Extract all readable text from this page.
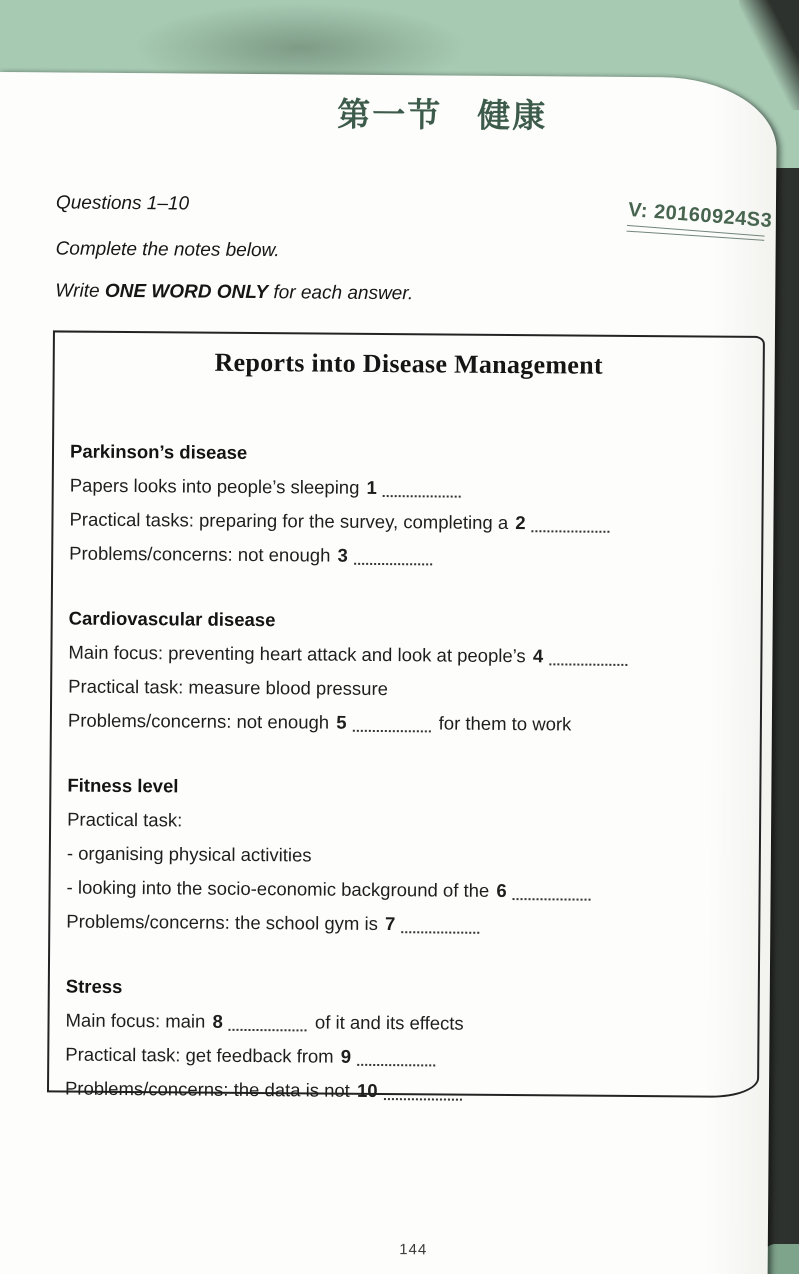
第一节　健康
Questions 1–10	V: 20160924S3
Complete the notes below.
Write ONE WORD ONLY for each answer.
Reports into Disease Management
Parkinson’s disease
Papers looks into people’s sleeping 1
Practical tasks: preparing for the survey, completing a 2
Problems/concerns: not enough 3
Cardiovascular disease
Main focus: preventing heart attack and look at people’s 4
Practical task: measure blood pressure
Problems/concerns: not enough 5	for them to work
Fitness level
Practical task:
- organising physical activities
- looking into the socio-economic background of the 6
Problems/concerns: the school gym is 7
Stress
Main focus: main 8	of it and its effects
Practical task: get feedback from 9
Problems/concerns: the data is not 10
144
